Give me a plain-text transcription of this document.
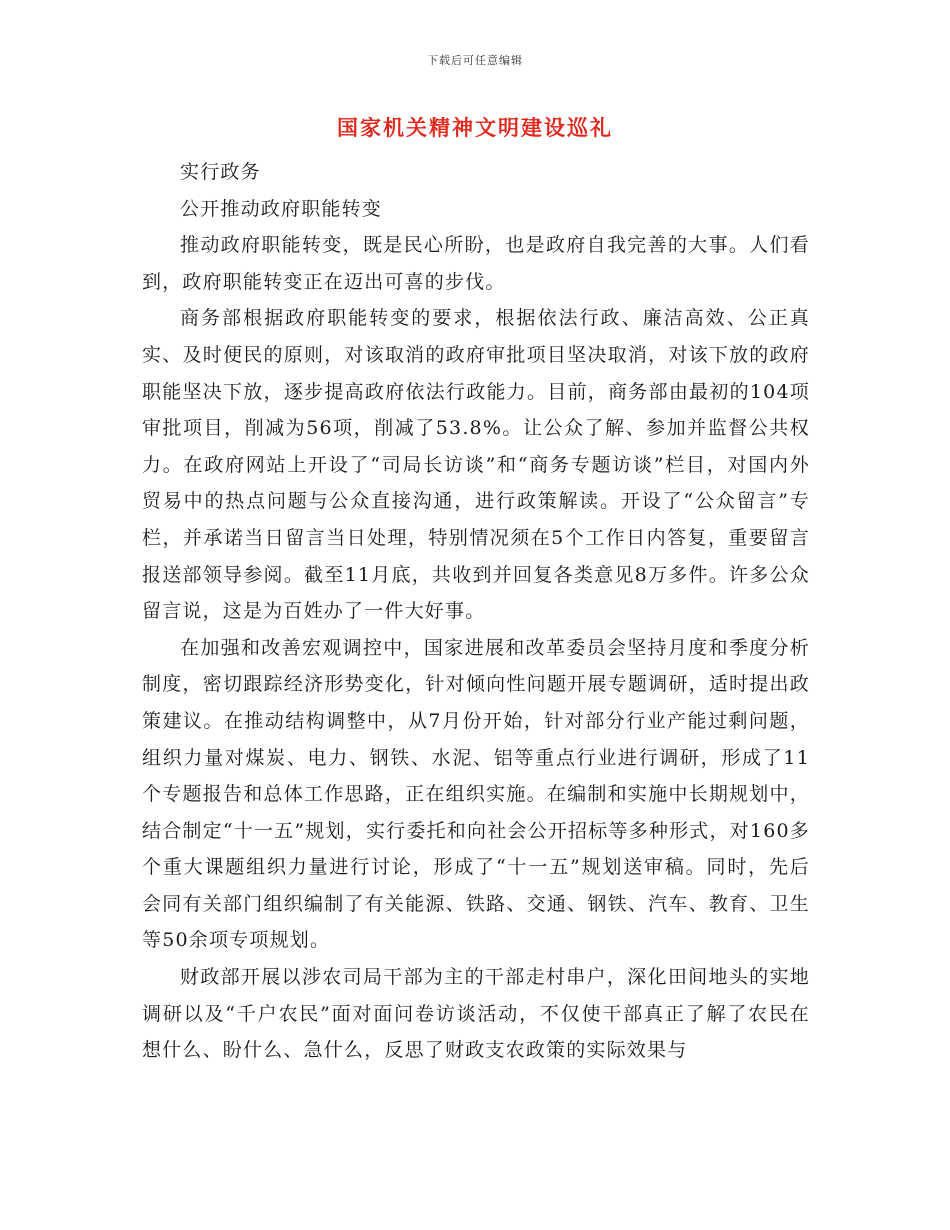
下载后可任意编辑
国家机关精神文明建设巡礼

实行政务

公开推动政府职能转变

推动政府职能转变，既是民心所盼，也是政府自我完善的大事。人们看到，政府职能转变正在迈出可喜的步伐。

商务部根据政府职能转变的要求，根据依法行政、廉洁高效、公正真实、及时便民的原则，对该取消的政府审批项目坚决取消，对该下放的政府职能坚决下放，逐步提高政府依法行政能力。目前，商务部由最初的104项审批项目，削减为56项，削减了53.8%。让公众了解、参加并监督公共权力。在政府网站上开设了“司局长访谈”和“商务专题访谈”栏目，对国内外贸易中的热点问题与公众直接沟通，进行政策解读。开设了“公众留言”专栏，并承诺当日留言当日处理，特别情况须在5个工作日内答复，重要留言报送部领导参阅。截至11月底，共收到并回复各类意见8万多件。许多公众留言说，这是为百姓办了一件大好事。

在加强和改善宏观调控中，国家进展和改革委员会坚持月度和季度分析制度，密切跟踪经济形势变化，针对倾向性问题开展专题调研，适时提出政策建议。在推动结构调整中，从7月份开始，针对部分行业产能过剩问题，组织力量对煤炭、电力、钢铁、水泥、铝等重点行业进行调研，形成了11个专题报告和总体工作思路，正在组织实施。在编制和实施中长期规划中，结合制定“十一五”规划，实行委托和向社会公开招标等多种形式，对160多个重大课题组织力量进行讨论，形成了“十一五”规划送审稿。同时，先后会同有关部门组织编制了有关能源、铁路、交通、钢铁、汽车、教育、卫生等50余项专项规划。

财政部开展以涉农司局干部为主的干部走村串户，深化田间地头的实地调研以及“千户农民”面对面问卷访谈活动，不仅使干部真正了解了农民在想什么、盼什么、急什么，反思了财政支农政策的实际效果与
